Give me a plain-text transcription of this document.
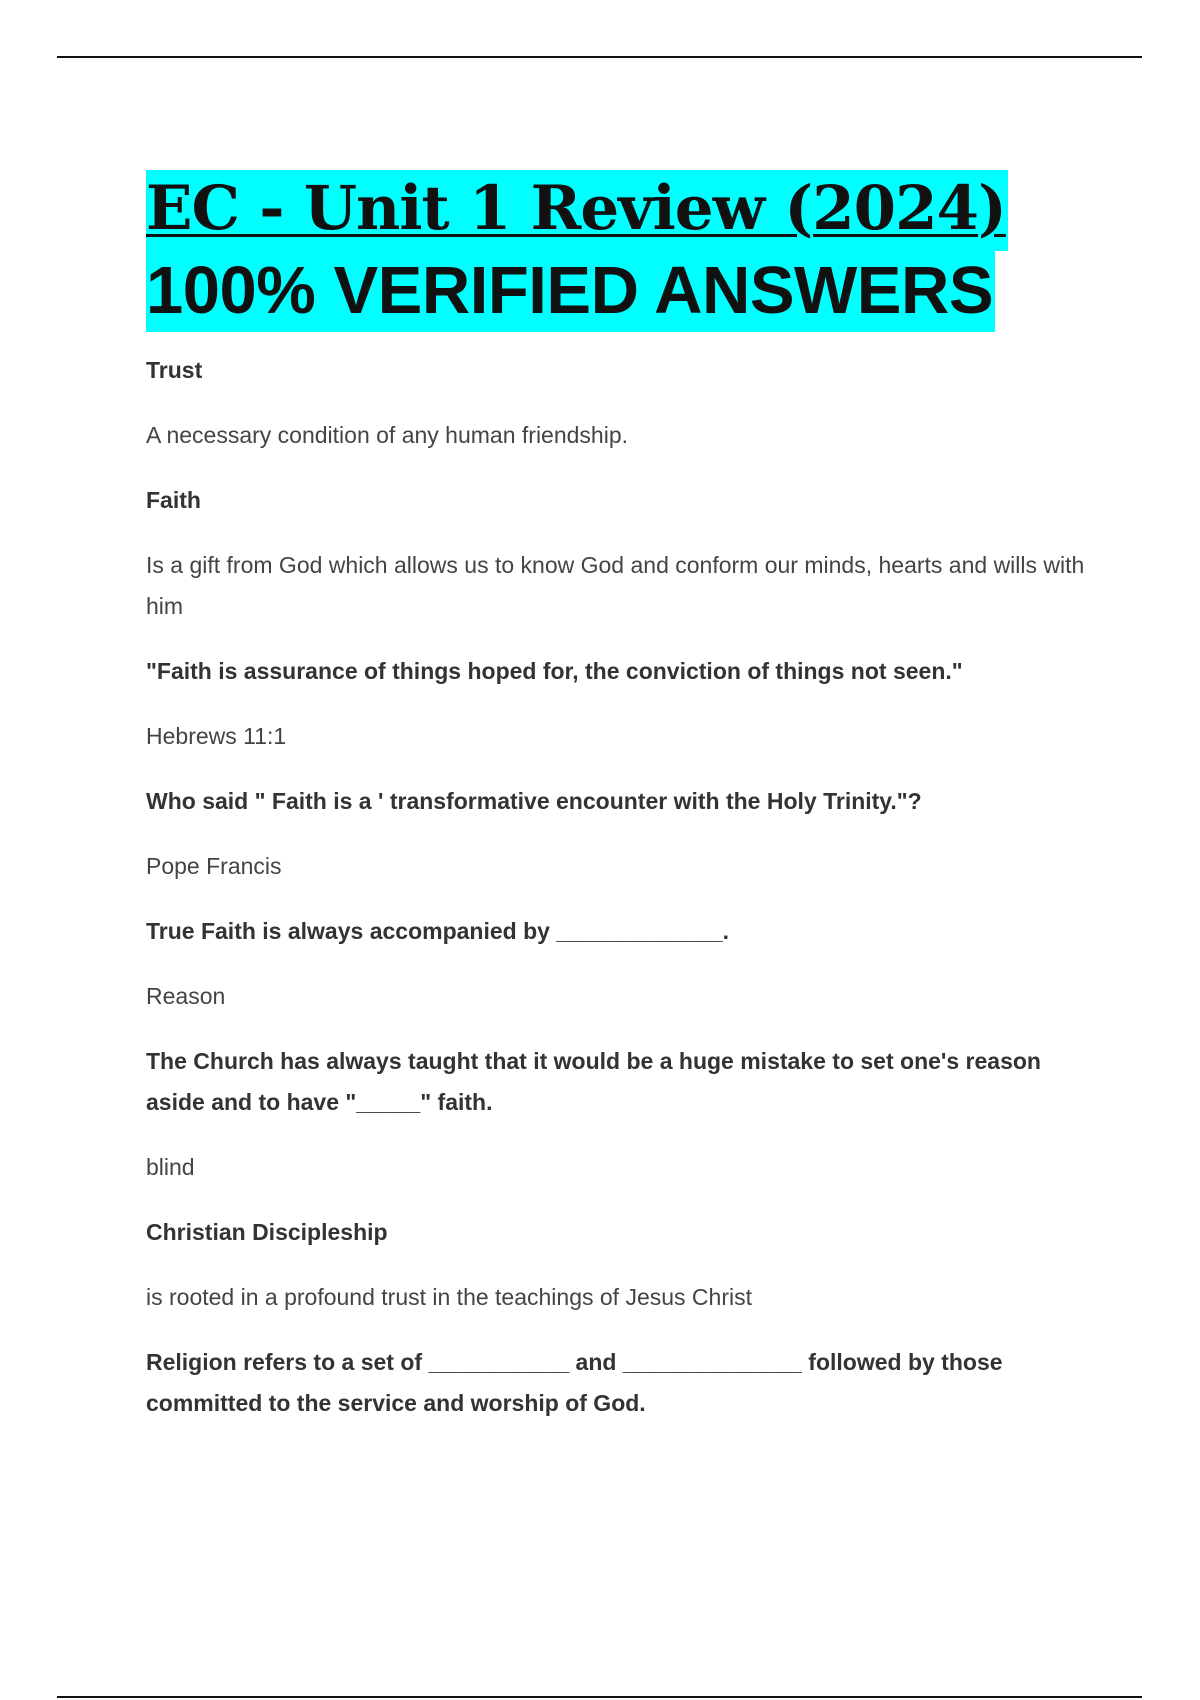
EC - Unit 1 Review (2024)
100% VERIFIED ANSWERS

Trust

A necessary condition of any human friendship.

Faith

Is a gift from God which allows us to know God and conform our minds, hearts and wills with him

"Faith is assurance of things hoped for, the conviction of things not seen."

Hebrews 11:1

Who said " Faith is a ' transformative encounter with the Holy Trinity."?

Pope Francis

True Faith is always accompanied by _____________.

Reason

The Church has always taught that it would be a huge mistake to set one's reason aside and to have "_____" faith.

blind

Christian Discipleship

is rooted in a profound trust in the teachings of Jesus Christ

Religion refers to a set of ___________ and ______________ followed by those committed to the service and worship of God.
